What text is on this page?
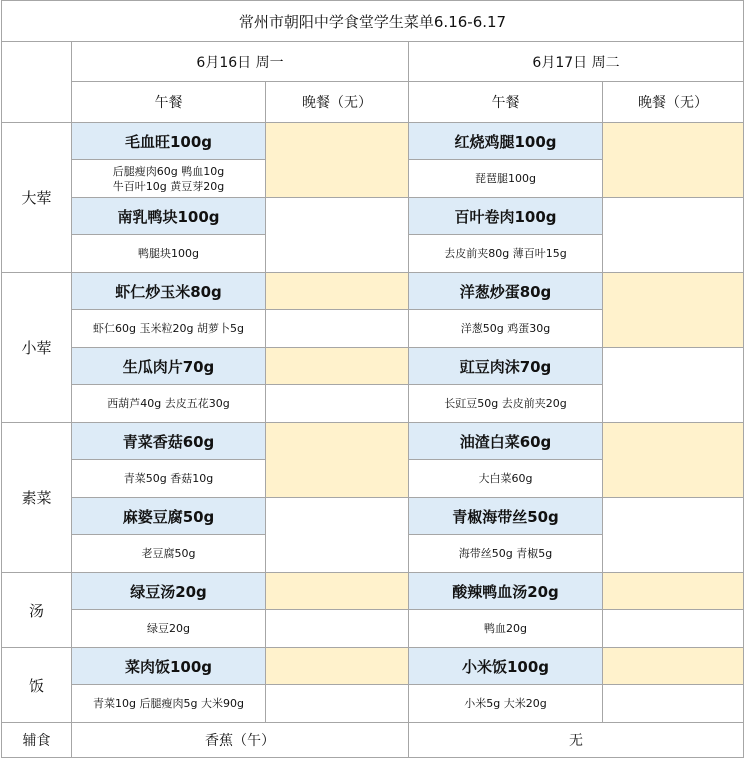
常州市朝阳中学食堂学生菜单6.16-6.17				
	6月16日 周一		6月17日 周二	
	午餐	晚餐（无）	午餐	晚餐（无）
大荤	毛血旺100g		红烧鸡腿100g	

	后腿瘦肉60g 鸭血10g
牛百叶10g 黄豆芽20g		琵琶腿100g	
	南乳鸭块100g		百叶卷肉100g	
	鸭腿块100g		去皮前夹80g 薄百叶15g	
小荤	虾仁炒玉米80g		洋葱炒蛋80g	
	虾仁60g 玉米粒20g 胡萝卜5g		洋葱50g 鸡蛋30g	
	生瓜肉片70g		豇豆肉沫70g	
	西葫芦40g 去皮五花30g		长豇豆50g 去皮前夹20g	
素菜	青菜香菇60g		油渣白菜60g	
	青菜50g 香菇10g		大白菜60g	
	麻婆豆腐50g		青椒海带丝50g	
	老豆腐50g		海带丝50g 青椒5g	
汤	绿豆汤20g		酸辣鸭血汤20g	
	绿豆20g		鸭血20g	
饭	菜肉饭100g		小米饭100g	
	青菜10g 后腿瘦肉5g 大米90g		小米5g 大米20g	
辅食	香蕉（午）		无	
